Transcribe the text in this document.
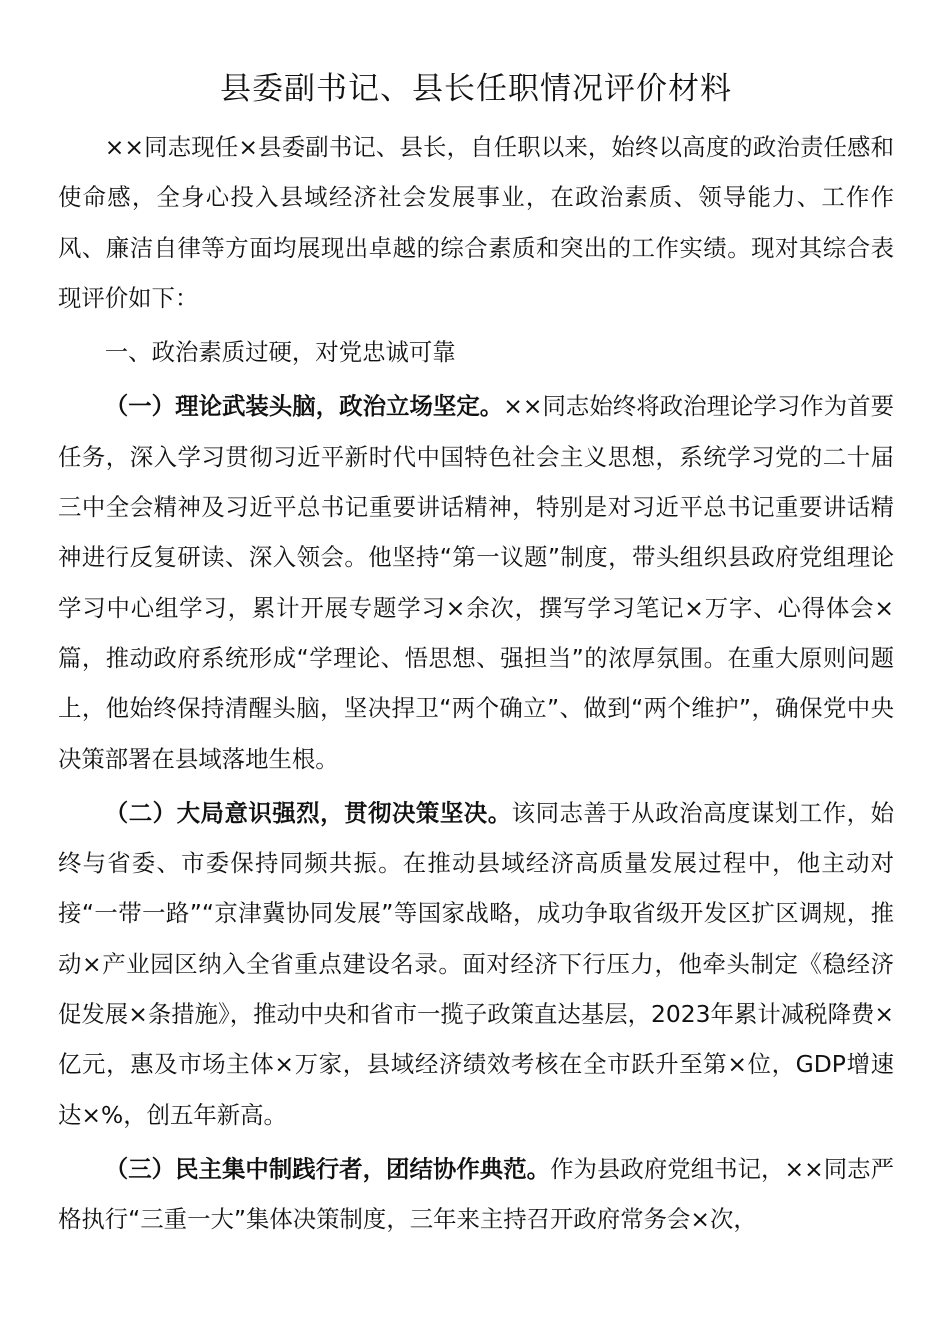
县委副书记、县长任职情况评价材料

××同志现任×县委副书记、县长，自任职以来，始终以高度的政治责任感和使命感，全身心投入县域经济社会发展事业，在政治素质、领导能力、工作作风、廉洁自律等方面均展现出卓越的综合素质和突出的工作实绩。现对其综合表现评价如下：

一、政治素质过硬，对党忠诚可靠

（一）理论武装头脑，政治立场坚定。××同志始终将政治理论学习作为首要任务，深入学习贯彻习近平新时代中国特色社会主义思想，系统学习党的二十届三中全会精神及习近平总书记重要讲话精神，特别是对习近平总书记重要讲话精神进行反复研读、深入领会。他坚持“第一议题”制度，带头组织县政府党组理论学习中心组学习，累计开展专题学习×余次，撰写学习笔记×万字、心得体会×篇，推动政府系统形成“学理论、悟思想、强担当”的浓厚氛围。在重大原则问题上，他始终保持清醒头脑，坚决捍卫“两个确立”、做到“两个维护”，确保党中央决策部署在县域落地生根。

（二）大局意识强烈，贯彻决策坚决。该同志善于从政治高度谋划工作，始终与省委、市委保持同频共振。在推动县域经济高质量发展过程中，他主动对接“一带一路”“京津冀协同发展”等国家战略，成功争取省级开发区扩区调规，推动×产业园区纳入全省重点建设名录。面对经济下行压力，他牵头制定《稳经济促发展×条措施》，推动中央和省市一揽子政策直达基层，2023年累计减税降费×亿元，惠及市场主体×万家，县域经济绩效考核在全市跃升至第×位，GDP增速达×%，创五年新高。

（三）民主集中制践行者，团结协作典范。作为县政府党组书记，××同志严格执行“三重一大”集体决策制度，三年来主持召开政府常务会×次，
